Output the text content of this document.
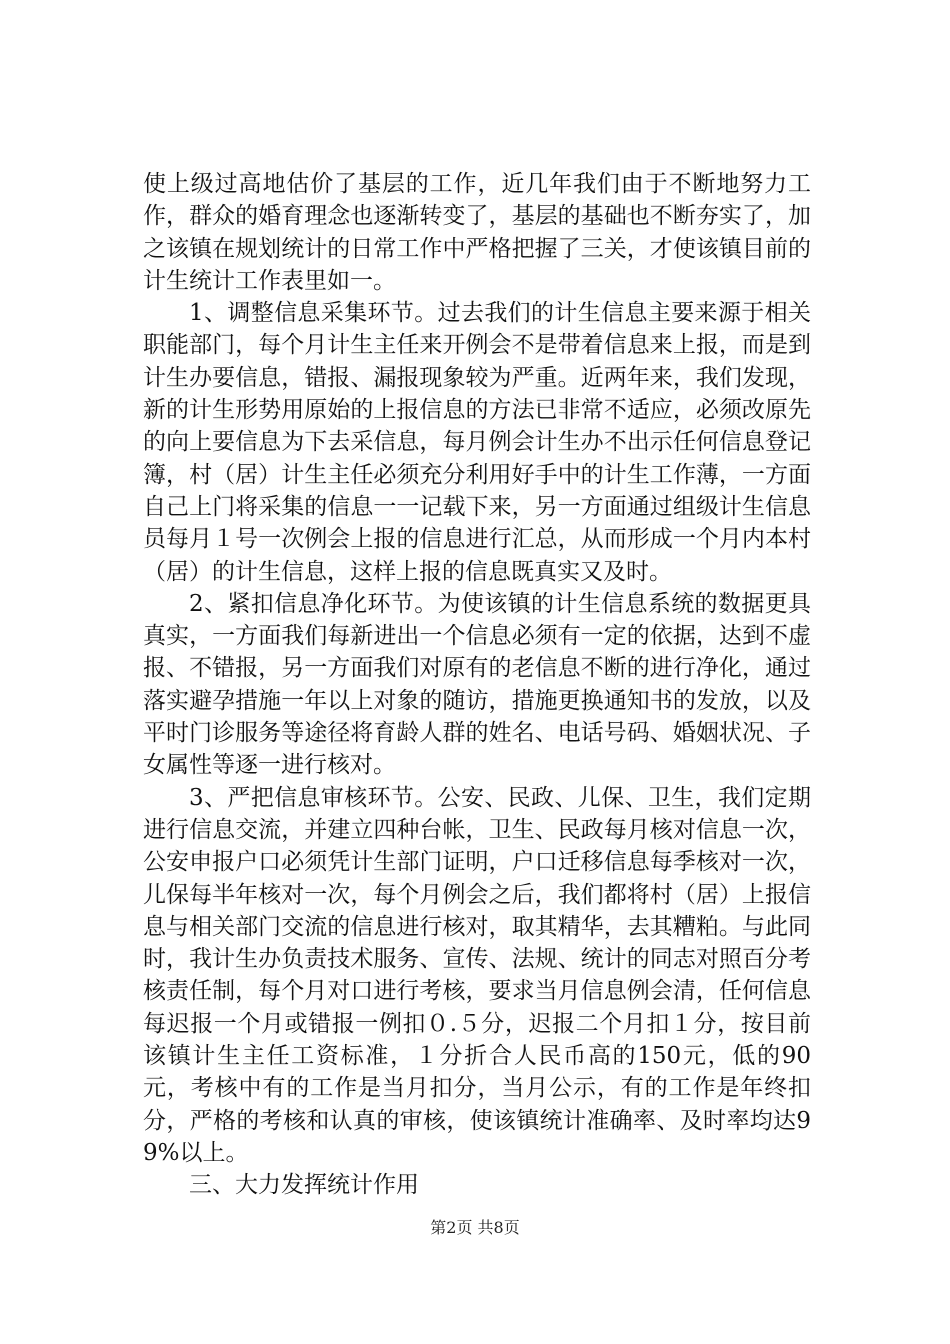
使上级过高地估价了基层的工作，近几年我们由于不断地努力工作，群众的婚育理念也逐渐转变了，基层的基础也不断夯实了，加之该镇在规划统计的日常工作中严格把握了三关，才使该镇目前的计生统计工作表里如一。

1、调整信息采集环节。过去我们的计生信息主要来源于相关职能部门，每个月计生主任来开例会不是带着信息来上报，而是到计生办要信息，错报、漏报现象较为严重。近两年来，我们发现，新的计生形势用原始的上报信息的方法已非常不适应，必须改原先的向上要信息为下去采信息，每月例会计生办不出示任何信息登记簿，村（居）计生主任必须充分利用好手中的计生工作薄，一方面自己上门将采集的信息一一记载下来，另一方面通过组级计生信息员每月１号一次例会上报的信息进行汇总，从而形成一个月内本村（居）的计生信息，这样上报的信息既真实又及时。

2、紧扣信息净化环节。为使该镇的计生信息系统的数据更具真实，一方面我们每新进出一个信息必须有一定的依据，达到不虚报、不错报，另一方面我们对原有的老信息不断的进行净化，通过落实避孕措施一年以上对象的随访，措施更换通知书的发放，以及平时门诊服务等途径将育龄人群的姓名、电话号码、婚姻状况、子女属性等逐一进行核对。

3、严把信息审核环节。公安、民政、儿保、卫生，我们定期进行信息交流，并建立四种台帐，卫生、民政每月核对信息一次，公安申报户口必须凭计生部门证明，户口迁移信息每季核对一次，儿保每半年核对一次，每个月例会之后，我们都将村（居）上报信息与相关部门交流的信息进行核对，取其精华，去其糟粕。与此同时，我计生办负责技术服务、宣传、法规、统计的同志对照百分考核责任制，每个月对口进行考核，要求当月信息例会清，任何信息每迟报一个月或错报一例扣０.５分，迟报二个月扣１分，按目前该镇计生主任工资标准，１分折合人民币高的150元，低的90元，考核中有的工作是当月扣分，当月公示，有的工作是年终扣分，严格的考核和认真的审核，使该镇统计准确率、及时率均达99%以上。

三、大力发挥统计作用

第2页 共8页
